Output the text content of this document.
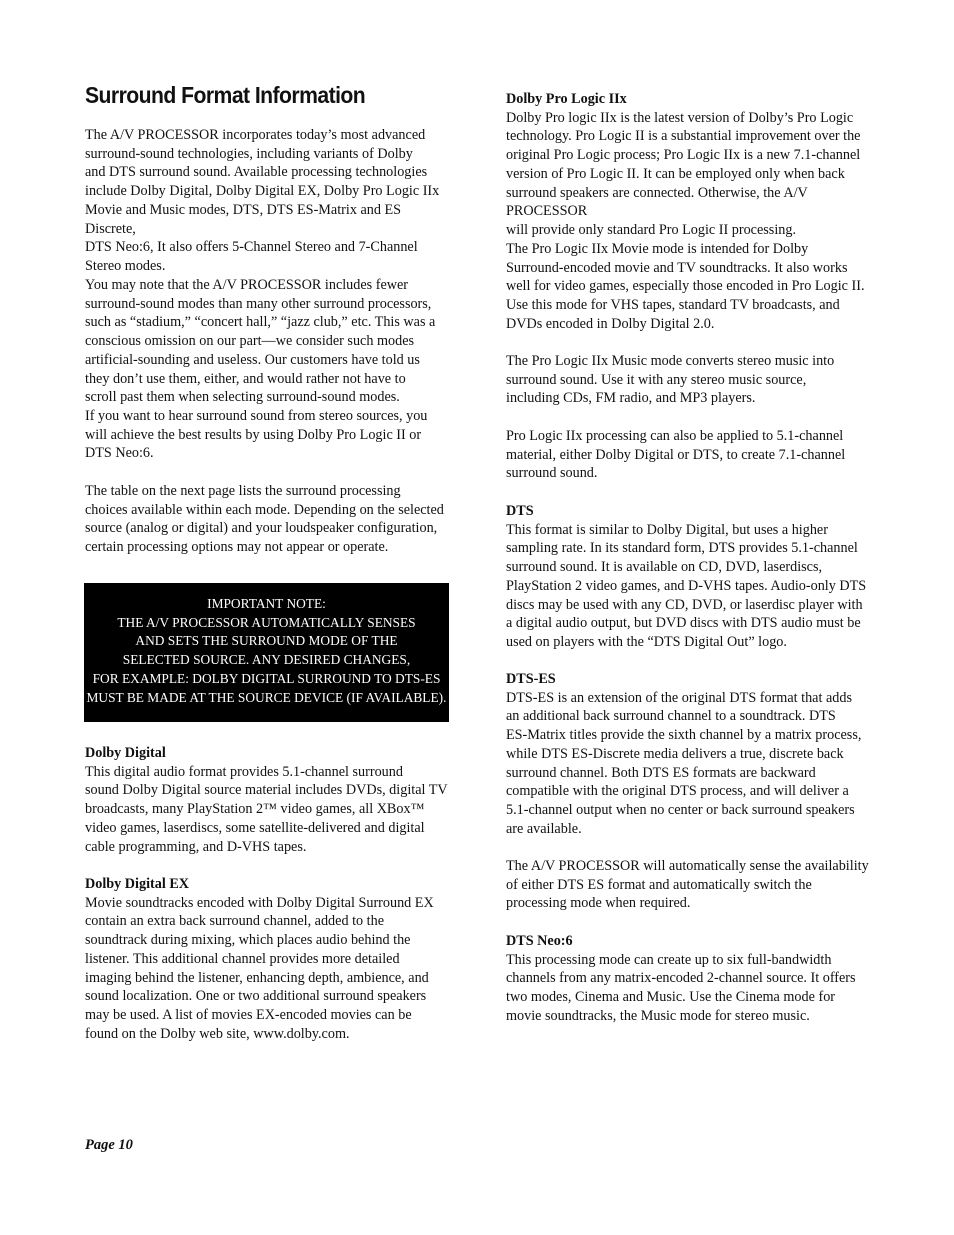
Surround Format Information

The A/V PROCESSOR incorporates today’s most advanced
surround-sound technologies, including variants of Dolby
and DTS surround sound. Available processing technologies
include Dolby Digital, Dolby Digital EX, Dolby Pro Logic IIx
Movie and Music modes, DTS, DTS ES-Matrix and ES Discrete,
DTS Neo:6, It also offers 5-Channel Stereo and 7-Channel
Stereo modes.

You may note that the A/V PROCESSOR includes fewer
surround-sound modes than many other surround processors,
such as “stadium,” “concert hall,” “jazz club,” etc. This was a
conscious omission on our part—we consider such modes
artificial-sounding and useless. Our customers have told us
they don’t use them, either, and would rather not have to
scroll past them when selecting surround-sound modes.
If you want to hear surround sound from stereo sources, you
will achieve the best results by using Dolby Pro Logic II or
DTS Neo:6.

The table on the next page lists the surround processing
choices available within each mode. Depending on the selected
source (analog or digital) and your loudspeaker configuration,
certain processing options may not appear or operate.

Dolby Digital

This digital audio format provides 5.1-channel surround
sound Dolby Digital source material includes DVDs, digital TV
broadcasts, many PlayStation 2™ video games, all XBox™
video games, laserdiscs, some satellite-delivered and digital
cable programming, and D-VHS tapes.

Dolby Digital EX

Movie soundtracks encoded with Dolby Digital Surround EX
contain an extra back surround channel, added to the
soundtrack during mixing, which places audio behind the
listener. This additional channel provides more detailed
imaging behind the listener, enhancing depth, ambience, and
sound localization. One or two additional surround speakers
may be used. A list of movies EX-encoded movies can be
found on the Dolby web site, www.dolby.com.

IMPORTANT NOTE:
THE A/V PROCESSOR AUTOMATICALLY SENSES
AND SETS THE SURROUND MODE OF THE
SELECTED SOURCE. ANY DESIRED CHANGES,
FOR EXAMPLE: DOLBY DIGITAL SURROUND TO DTS-ES
MUST BE MADE AT THE SOURCE DEVICE (IF AVAILABLE).

Dolby Pro Logic IIx

Dolby Pro logic IIx is the latest version of Dolby’s Pro Logic
technology. Pro Logic II is a substantial improvement over the
original Pro Logic process; Pro Logic IIx is a new 7.1-channel
version of Pro Logic II. It can be employed only when back
surround speakers are connected. Otherwise, the A/V PROCESSOR
will provide only standard Pro Logic II processing.

The Pro Logic IIx Movie mode is intended for Dolby
Surround-encoded movie and TV soundtracks. It also works
well for video games, especially those encoded in Pro Logic II.
Use this mode for VHS tapes, standard TV broadcasts, and
DVDs encoded in Dolby Digital 2.0.

The Pro Logic IIx Music mode converts stereo music into
surround sound. Use it with any stereo music source,
including CDs, FM radio, and MP3 players.

Pro Logic IIx processing can also be applied to 5.1-channel
material, either Dolby Digital or DTS, to create 7.1-channel
surround sound.

DTS

This format is similar to Dolby Digital, but uses a higher
sampling rate. In its standard form, DTS provides 5.1-channel
surround sound. It is available on CD, DVD, laserdiscs,
PlayStation 2 video games, and D-VHS tapes. Audio-only DTS
discs may be used with any CD, DVD, or laserdisc player with
a digital audio output, but DVD discs with DTS audio must be
used on players with the “DTS Digital Out” logo.

DTS-ES

DTS-ES is an extension of the original DTS format that adds
an additional back surround channel to a soundtrack. DTS
ES-Matrix titles provide the sixth channel by a matrix process,
while DTS ES-Discrete media delivers a true, discrete back
surround channel. Both DTS ES formats are backward
compatible with the original DTS process, and will deliver a
5.1-channel output when no center or back surround speakers
are available.

The A/V PROCESSOR will automatically sense the availability
of either DTS ES format and automatically switch the
processing mode when required.

DTS Neo:6

This processing mode can create up to six full-bandwidth
channels from any matrix-encoded 2-channel source. It offers
two modes, Cinema and Music. Use the Cinema mode for
movie soundtracks, the Music mode for stereo music.

Page 10
